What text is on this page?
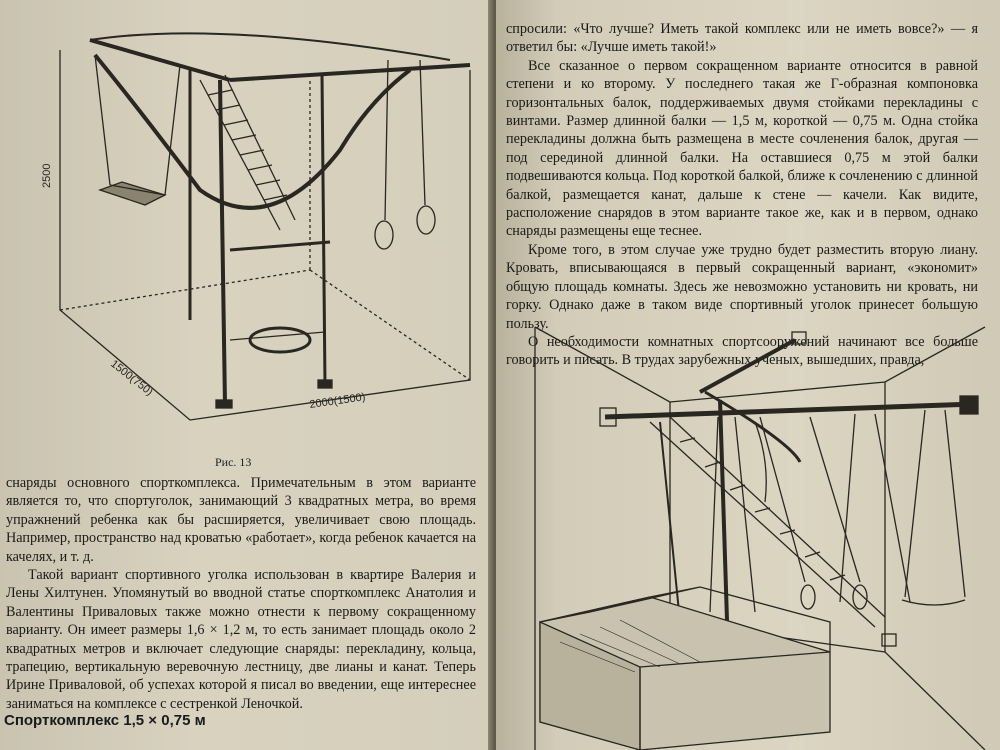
2500
1500(750)
2000(1500)
Рис. 13

снаряды основного спорткомплекса. Примечательным в этом варианте является то, что спортуголок, занимающий 3 квадратных метра, во время упражнений ребенка как бы расширяется, увеличивает свою площадь. Например, пространство над кроватью «работает», когда ребенок качается на качелях, и т. д.

Такой вариант спортивного уголка использован в квартире Валерия и Лены Хилтунен. Упомянутый во вводной статье спорткомплекс Анатолия и Валентины Приваловых также можно отнести к первому сокращенному варианту. Он имеет размеры 1,6 × 1,2 м, то есть занимает площадь около 2 квадратных метров и включает следующие снаряды: перекладину, кольца, трапецию, вертикальную веревочную лестницу, две лианы и канат. Теперь Ирине Приваловой, об успехах которой я писал во введении, еще интереснее заниматься на комплексе с сестренкой Леночкой.

Спорткомплекс 1,5 × 0,75 м

спросили: «Что лучше? Иметь такой комплекс или не иметь вовсе?» — я ответил бы: «Лучше иметь такой!»

Все сказанное о первом сокращенном варианте относится в равной степени и ко второму. У последнего такая же Г-образная компоновка горизонтальных балок, поддерживаемых двумя стойками перекладины с винтами. Размер длинной балки — 1,5 м, короткой — 0,75 м. Одна стойка перекладины должна быть размещена в месте сочленения балок, другая — под серединой длинной балки. На оставшиеся 0,75 м этой балки подвешиваются кольца. Под короткой балкой, ближе к сочленению с длинной балкой, размещается канат, дальше к стене — качели. Как видите, расположение снарядов в этом варианте такое же, как и в первом, однако снаряды размещены еще теснее.

Кроме того, в этом случае уже трудно будет разместить вторую лиану. Кровать, вписывающаяся в первый сокращенный вариант, «экономит» общую площадь комнаты. Здесь же невозможно установить ни кровать, ни горку. Однако даже в таком виде спортивный уголок принесет большую пользу.

О необходимости комнатных спортсооружений начинают все больше говорить и писать. В трудах зарубежных ученых, вышедших, правда,
